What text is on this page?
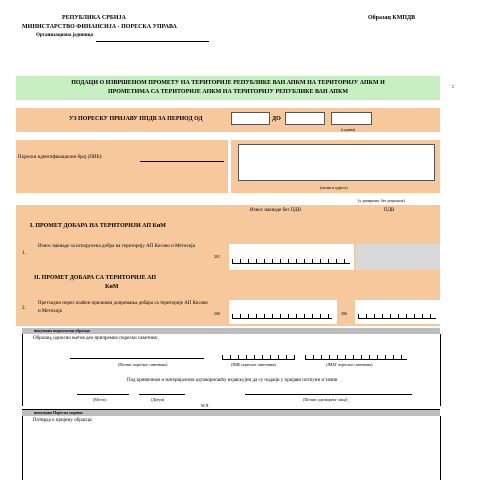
РЕПУБЛИКА СРБИЈА
МИНИСТАРСТВО ФИНАНСИЈА - ПОРЕСКА УПРАВА
Организациона јединица
Образац КМПДВ
ПОДАЦИ О ИЗВРШЕНОМ ПРОМЕТУ НА ТЕРИТОРИЈЕ РЕПУБЛИКЕ ВАН АПКМ НА ТЕРИТОРИЈУ АПКМ И
ПРОМЕТИМА СА ТЕРИТОРИЈЕ АПКМ НА ТЕРИТОРИЈУ РЕПУБЛИКЕ ВАН АПКМ
:
УЗ ПОРЕСКУ ПРИЈАВУ ППДВ ЗА ПЕРИОД ОД	ДО
(година)
Порески идентификациони број (ПИБ):
(назив и адреса)
(у динарима, без децимала)
Износ накнаде без ПДВ	ПДВ
I. ПРОМЕТ ДОБАРА НА ТЕРИТОРИЈИ АП КиМ
1.
Износ накнаде за испоручена добра на територију АП Косово и Метохија
201
II. ПРОМЕТ ДОБАРА СА ТЕРИТОРИЈЕ АП
КиМ
2.
Претходни порез плаћен приликом допремања добара са територије АП Косово и Метохија	206	306
попуњава подносилац обрасца:
Образац, односно његов део припремио порески саветник:
(Потпис пореског саветника)	(ПИБ пореског саветника)	(ЈМБГ пореског саветника)
Под кривичном и материјалном одговорношћу изјављујем да су подаци у пријави потпуни и тачни
(Место)	(Датум)	(Потпис одговорног лица)
М.П.
попуњава Пореска управа:
Потврда о пријему обрасца:
